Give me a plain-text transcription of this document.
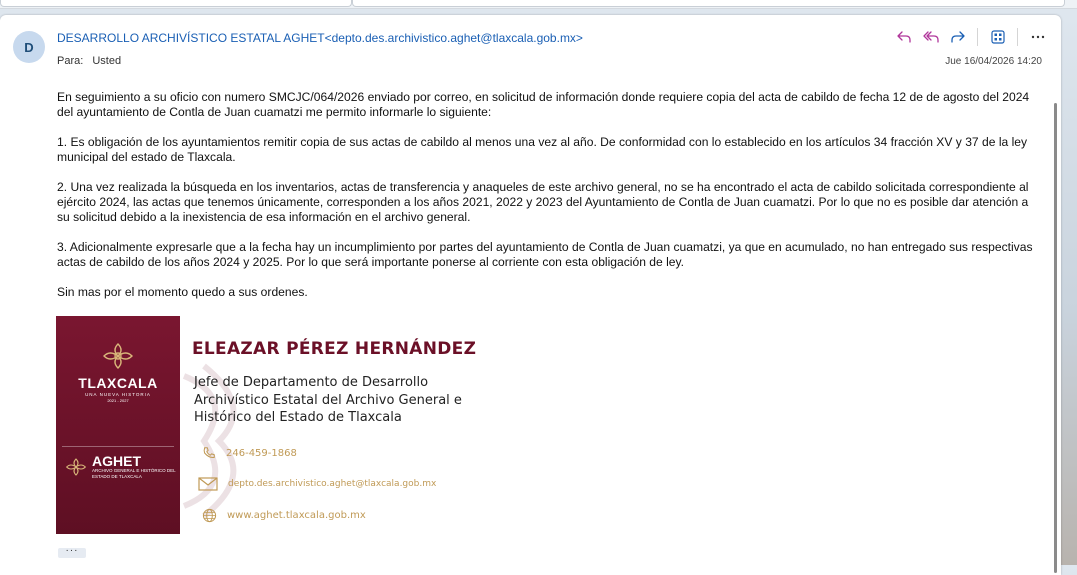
D
DESARROLLO ARCHIVÍSTICO ESTATAL AGHET<depto.des.archivistico.aghet@tlaxcala.gob.mx>
Para: Usted	Jue 16/04/2026 14:20

En seguimiento a su oficio con numero SMCJC/064/2026 enviado por correo, en solicitud de información donde requiere copia del acta de cabildo de fecha 12 de de agosto del 2024 del ayuntamiento de Contla de Juan cuamatzi me permito informarle lo siguiente:

1. Es obligación de los ayuntamientos remitir copia de sus actas de cabildo al menos una vez al año. De conformidad con lo establecido en los artículos 34 fracción XV y 37 de la ley municipal del estado de Tlaxcala.

2. Una vez realizada la búsqueda en los inventarios, actas de transferencia y anaqueles de este archivo general, no se ha encontrado el acta de cabildo solicitada correspondiente al ejército 2024, las actas que tenemos únicamente, corresponden a los años 2021, 2022 y 2023 del Ayuntamiento de Contla de Juan cuamatzi. Por lo que no es posible dar atención a su solicitud debido a la inexistencia de esa información en el archivo general.

3. Adicionalmente expresarle que a la fecha hay un incumplimiento por partes del ayuntamiento de Contla de Juan cuamatzi, ya que en acumulado, no han entregado sus respectivas actas de cabildo de los años 2024 y 2025. Por lo que será importante ponerse al corriente con esta obligación de ley.

Sin mas por el momento quedo a sus ordenes.

TLAXCALA
UNA NUEVA HISTORIA
2021 - 2027
AGHET
ARCHIVO GENERAL E HISTÓRICO DEL ESTADO DE TLAXCALA
ELEAZAR PÉREZ HERNÁNDEZ
Jefe de Departamento de Desarrollo Archivístico Estatal del Archivo General e Histórico del Estado de Tlaxcala
246-459-1868
depto.des.archivistico.aghet@tlaxcala.gob.mx
www.aghet.tlaxcala.gob.mx
···
